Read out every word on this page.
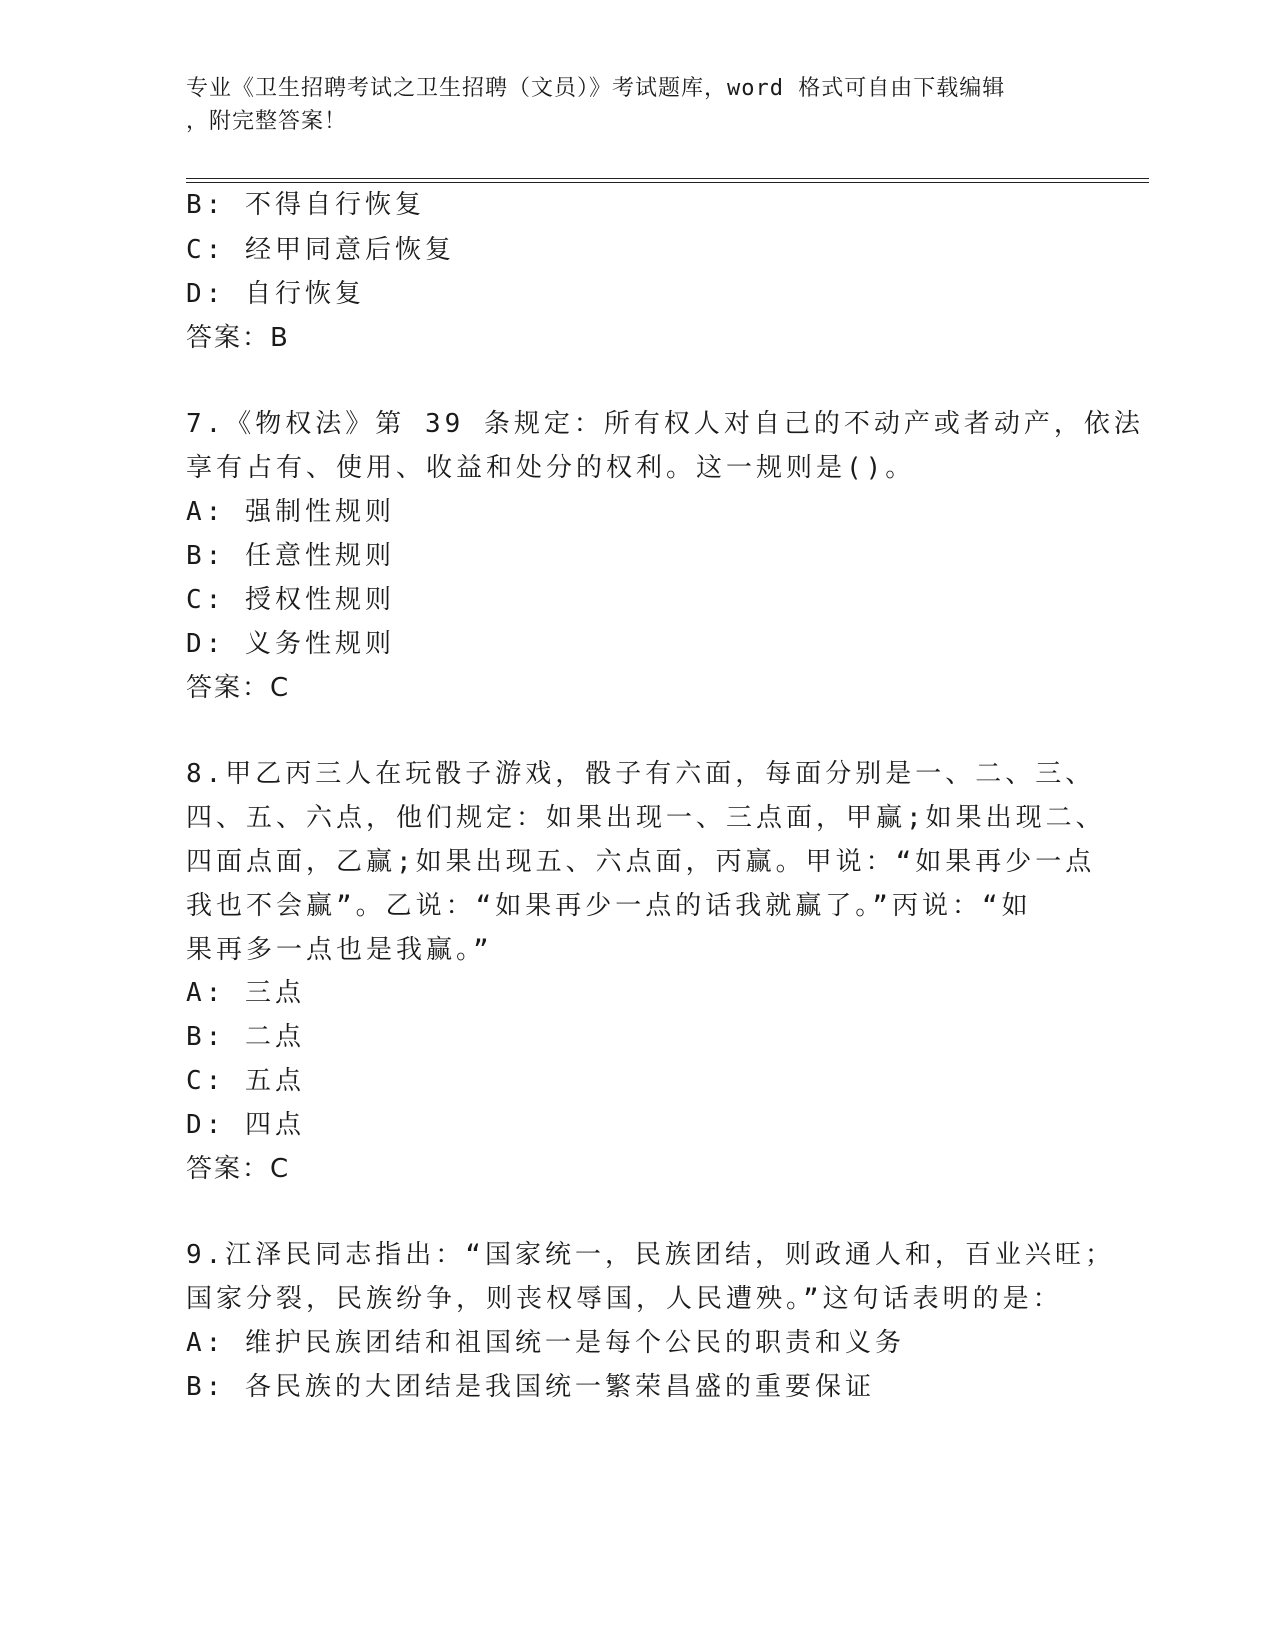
专业《卫生招聘考试之卫生招聘（文员）》考试题库，word 格式可自由下载编辑
，附完整答案！
B: 不得自行恢复
C: 经甲同意后恢复
D: 自行恢复
答案：B
7.《物权法》第 39 条规定：所有权人对自己的不动产或者动产，依法
享有占有、使用、收益和处分的权利。这一规则是()。
A: 强制性规则
B: 任意性规则
C: 授权性规则
D: 义务性规则
答案：C
8.甲乙丙三人在玩骰子游戏，骰子有六面，每面分别是一、二、三、
四、五、六点，他们规定：如果出现一、三点面，甲赢;如果出现二、
四面点面，乙赢;如果出现五、六点面，丙赢。甲说：“如果再少一点
我也不会赢”。乙说：“如果再少一点的话我就赢了。”丙说：“如
果再多一点也是我赢。”
A: 三点
B: 二点
C: 五点
D: 四点
答案：C
9.江泽民同志指出：“国家统一，民族团结，则政通人和，百业兴旺；
国家分裂，民族纷争，则丧权辱国，人民遭殃。”这句话表明的是：
A: 维护民族团结和祖国统一是每个公民的职责和义务
B: 各民族的大团结是我国统一繁荣昌盛的重要保证
